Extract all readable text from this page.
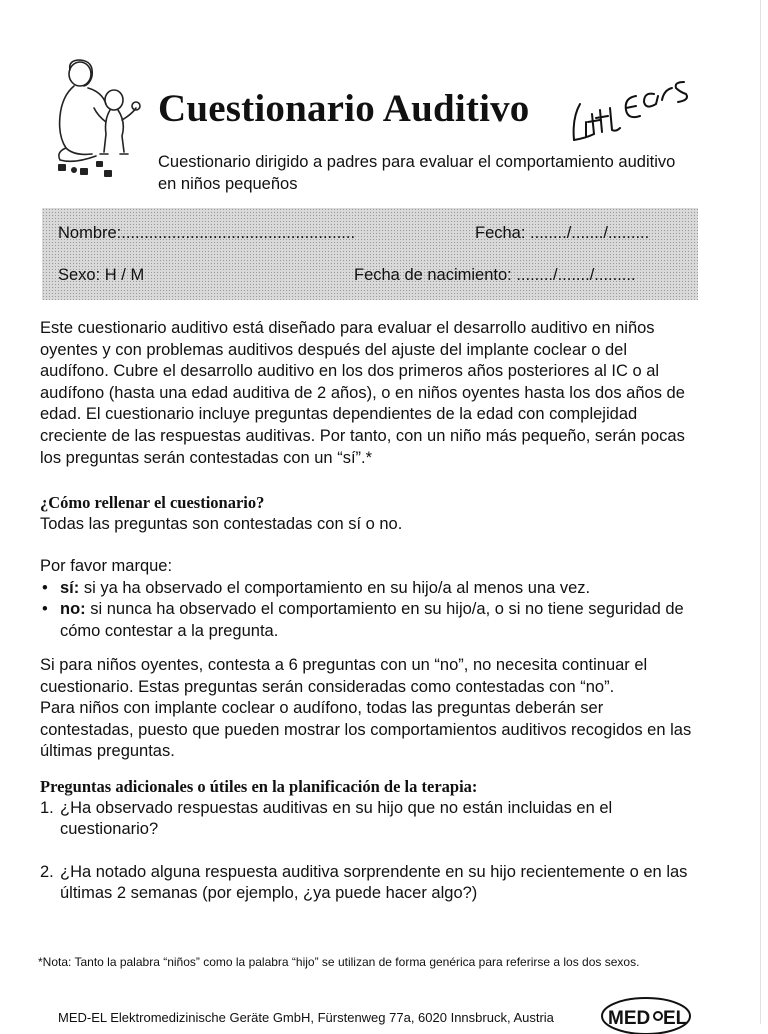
Cuestionario Auditivo
Cuestionario dirigido a padres para evaluar el comportamiento auditivo en niños pequeños
Nombre:...................................................	Fecha: ......../......./.........
Sexo: H / M	Fecha de nacimiento: ......../......./.........
Este cuestionario auditivo está diseñado para evaluar el desarrollo auditivo en niños oyentes y con problemas auditivos después del ajuste del implante coclear o del audífono. Cubre el desarrollo auditivo en los dos primeros años posteriores al IC o al audífono (hasta una edad auditiva de 2 años), o en niños oyentes hasta los dos años de edad. El cuestionario incluye preguntas dependientes de la edad con complejidad creciente de las respuestas auditivas. Por tanto, con un niño más pequeño, serán pocas los preguntas serán contestadas con un “sí”.*

¿Cómo rellenar el cuestionario?

Todas las preguntas son contestadas con sí o no.

Por favor marque:

• sí: si ya ha observado el comportamiento en su hijo/a al menos una vez.
• no: si nunca ha observado el comportamiento en su hijo/a, o si no tiene seguridad de cómo contestar a la pregunta.

Si para niños oyentes, contesta a 6 preguntas con un “no”, no necesita continuar el cuestionario. Estas preguntas serán consideradas como contestadas con “no”.

Para niños con implante coclear o audífono, todas las preguntas deberán ser contestadas, puesto que pueden mostrar los comportamientos auditivos recogidos en las últimas preguntas.

Preguntas adicionales o útiles en la planificación de la terapia:

1. ¿Ha observado respuestas auditivas en su hijo que no están incluidas en el cuestionario?
2. ¿Ha notado alguna respuesta auditiva sorprendente en su hijo recientemente o en las últimas 2 semanas (por ejemplo, ¿ya puede hacer algo?)
*Nota: Tanto la palabra “niños” como la palabra “hijo” se utilizan de forma genérica para referirse a los dos sexos.
MED-EL Elektromedizinische Geräte GmbH, Fürstenweg 77a, 6020 Innsbruck, Austria	MED EL
